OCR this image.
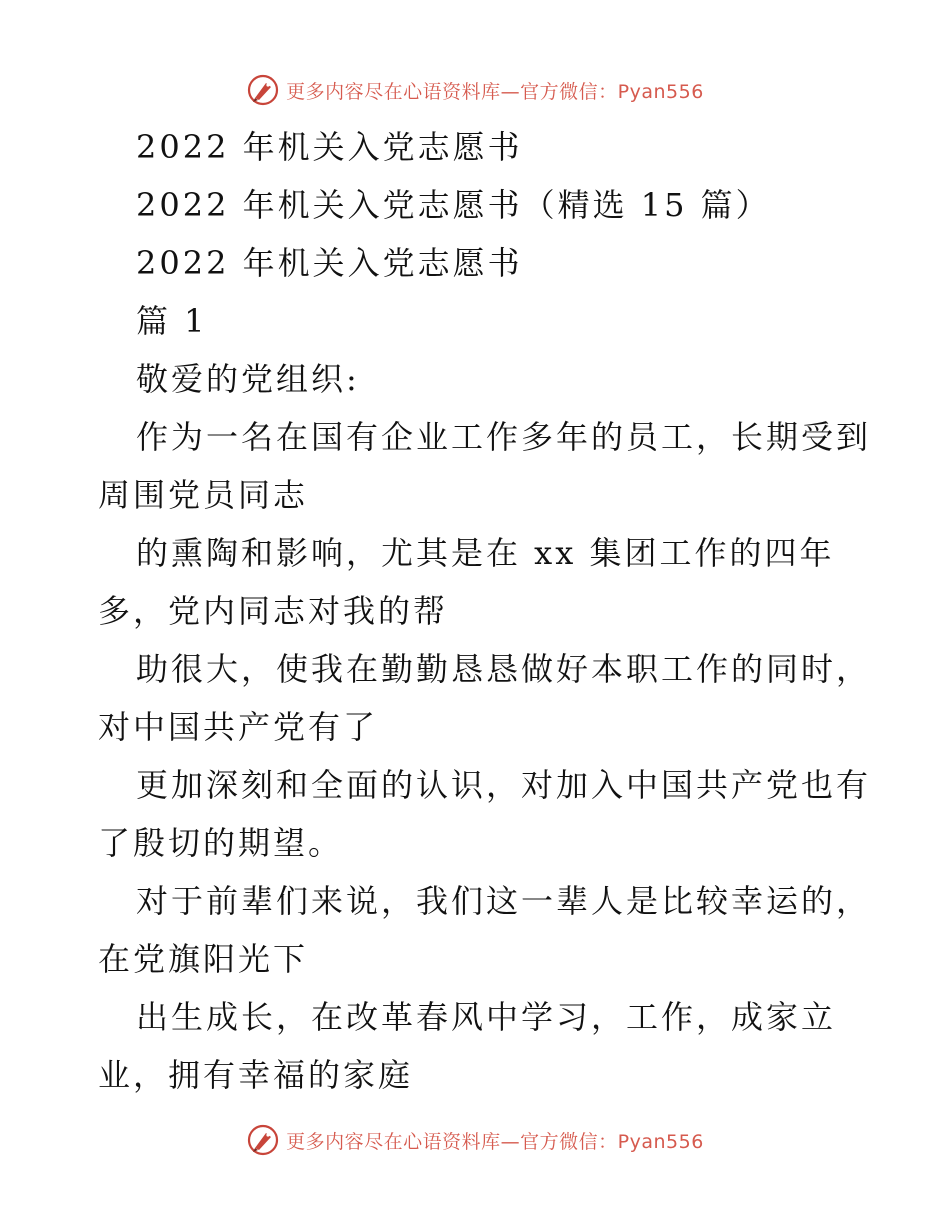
更多内容尽在心语资料库—官方微信：Pyan556
2022 年机关入党志愿书
2022 年机关入党志愿书（精选 15 篇）
2022 年机关入党志愿书
篇 1
敬爱的党组织:
作为一名在国有企业工作多年的员工，长期受到
周围党员同志
的熏陶和影响，尤其是在 xx 集团工作的四年
多，党内同志对我的帮
助很大，使我在勤勤恳恳做好本职工作的同时，
对中国共产党有了
更加深刻和全面的认识，对加入中国共产党也有
了殷切的期望。
对于前辈们来说，我们这一辈人是比较幸运的，
在党旗阳光下
出生成长，在改革春风中学习，工作，成家立
业，拥有幸福的家庭
更多内容尽在心语资料库—官方微信：Pyan556
